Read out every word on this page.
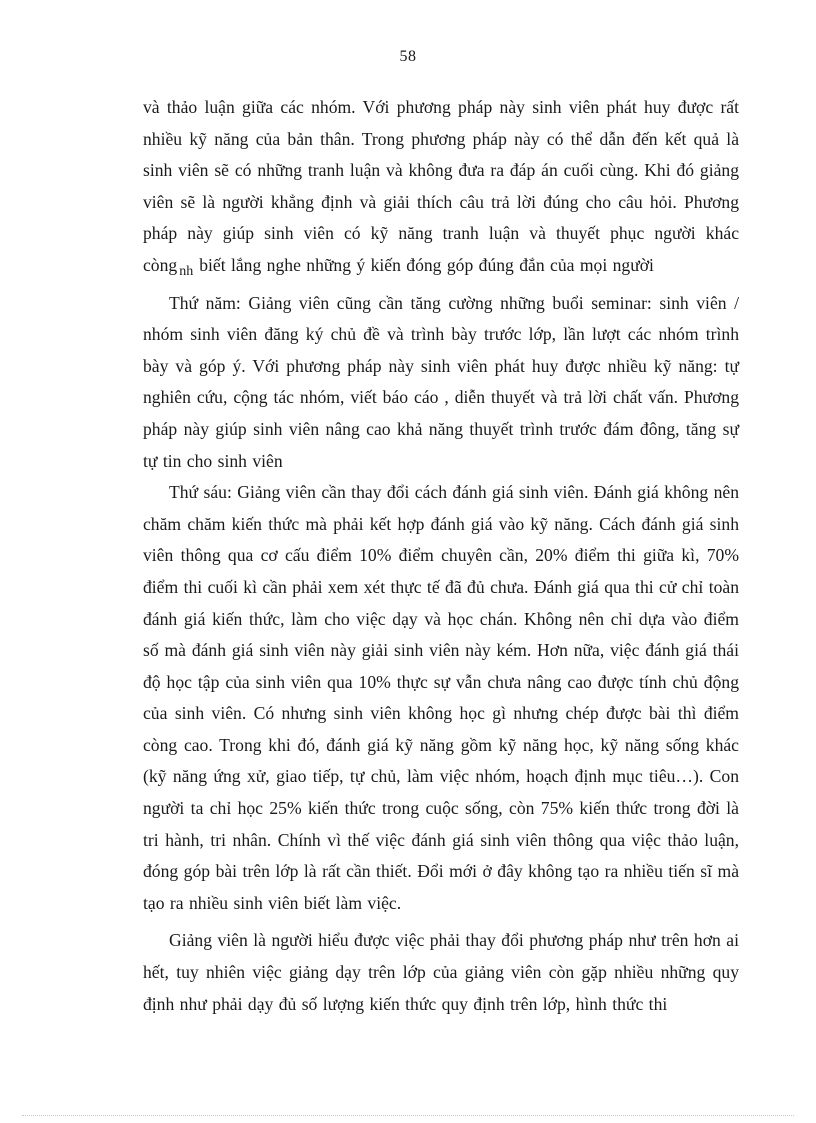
58

và thảo luận giữa các nhóm. Với phương pháp này sinh viên phát huy được rất nhiều kỹ năng của bản thân. Trong phương pháp này có thể dẫn đến kết quả là sinh viên sẽ có những tranh luận và không đưa ra đáp án cuối cùng. Khi đó giảng viên sẽ là người khẳng định và giải thích câu trả lời đúng cho câu hỏi. Phương pháp này giúp sinh viên có kỹ năng tranh luận và thuyết phục người khác còng $_{nh}$ biết lắng nghe những ý kiến đóng góp đúng đắn của mọi người

Thứ năm: Giảng viên cũng cần tăng cường những buổi seminar: sinh viên / nhóm sinh viên đăng ký chủ đề và trình bày trước lớp, lần lượt các nhóm trình bày và góp ý. Với phương pháp này sinh viên phát huy được nhiều kỹ năng: tự nghiên cứu, cộng tác nhóm, viết báo cáo , diễn thuyết và trả lời chất vấn. Phương pháp này giúp sinh viên nâng cao khả năng thuyết trình trước đám đông, tăng sự tự tin cho sinh viên

Thứ sáu: Giảng viên cần thay đổi cách đánh giá sinh viên. Đánh giá không nên chăm chăm kiến thức mà phải kết hợp đánh giá vào kỹ năng. Cách đánh giá sinh viên thông qua cơ cấu điểm 10% điểm chuyên cần, 20% điểm thi giữa kì, 70% điểm thi cuối kì cần phải xem xét thực tế đã đủ chưa. Đánh giá qua thi cử chỉ toàn đánh giá kiến thức, làm cho việc dạy và học chán. Không nên chỉ dựa vào điểm số mà đánh giá sinh viên này giải sinh viên này kém. Hơn nữa, việc đánh giá thái độ học tập của sinh viên qua 10% thực sự vẫn chưa nâng cao được tính chủ động của sinh viên. Có nhưng sinh viên không học gì nhưng chép được bài thì điểm còng cao. Trong khi đó, đánh giá kỹ năng gồm kỹ năng học, kỹ năng sống khác (kỹ năng ứng xử, giao tiếp, tự chủ, làm việc nhóm, hoạch định mục tiêu…). Con người ta chỉ học 25% kiến thức trong cuộc sống, còn 75% kiến thức trong đời là tri hành, tri nhân. Chính vì thế việc đánh giá sinh viên thông qua việc thảo luận, đóng góp bài trên lớp là rất cần thiết. Đổi mới ở đây không tạo ra nhiều tiến sĩ mà tạo ra nhiều sinh viên biết làm việc.

Giảng viên là người hiểu được việc phải thay đổi phương pháp như trên hơn ai hết, tuy nhiên việc giảng dạy trên lớp của giảng viên còn gặp nhiều những quy định như phải dạy đủ số lượng kiến thức quy định trên lớp, hình thức thi
